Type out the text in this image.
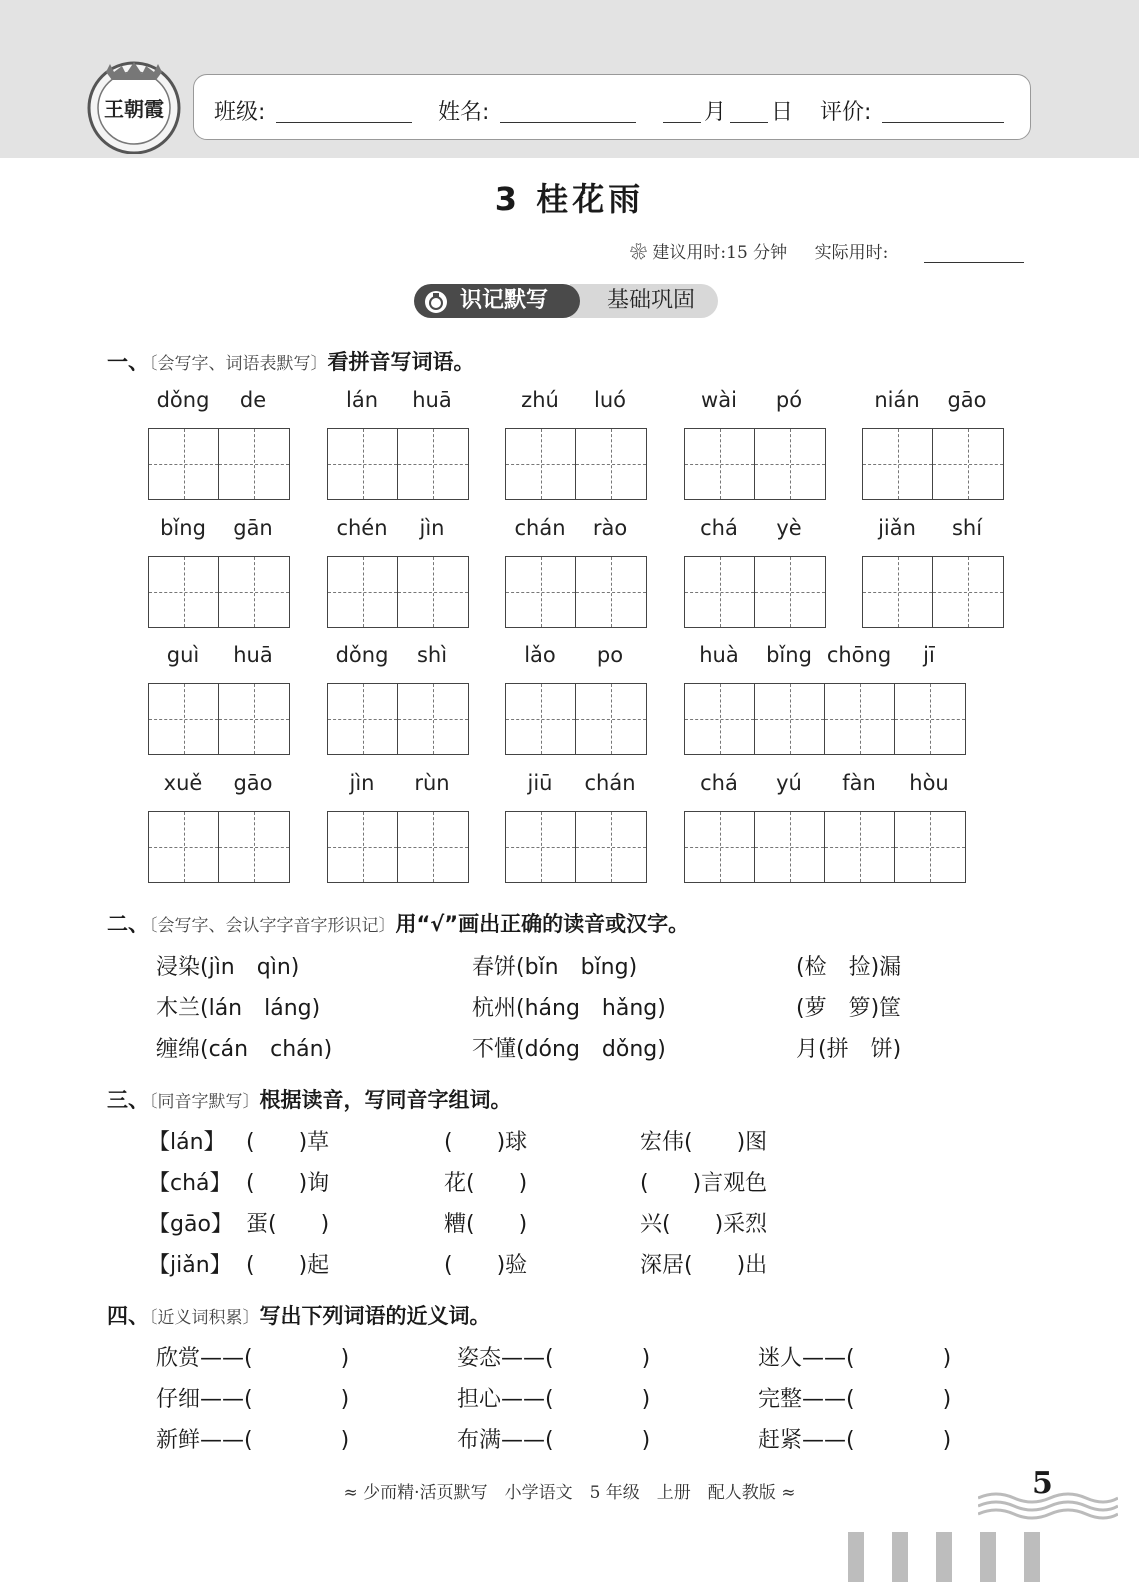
王朝霞 班级:	姓名:	月 日 评价:
3 桂花雨
❀ 建议用时:15 分钟 实际用时:
基础巩固
识记默写
一、〔会写字、词语表默写〕看拼音写词语。
dǒng	de	lán	huā	zhú	luó	wài	pó	nián	gāo
bǐng	gān	chén	jìn	chán	rào	chá	yè	jiǎn	shí
guì	huā	dǒng	shì	lǎo	po	huà	bǐng chōng	jī
xuě	gāo	jìn	rùn	jiū	chán	chá	yú	fàn	hòu
二、〔会写字、会认字字音字形识记〕用“√”画出正确的读音或汉字。
浸染(jìn　qìn)	春饼(bǐn　bǐng)	(检　捡)漏
木兰(lán　láng)	杭州(háng　hǎng)	(萝　箩)筐
缠绵(cán　chán)	不懂(dóng　dǒng)	月(拼　饼)
三、〔同音字默写〕根据读音，写同音字组词。
【lán】 (　　)草	(　　)球	宏伟(　　)图
【chá】 (　　)询	花(　　)	(　　)言观色
【gāo】 蛋(　　)	糟(　　)	兴(　　)采烈
【jiǎn】 (　　)起	(　　)验	深居(　　)出
四、〔近义词积累〕写出下列词语的近义词。
欣赏——(　　　　)	姿态——(　　　　)	迷人——(　　　　)
仔细——(　　　　)	担心——(　　　　)	完整——(　　　　)
新鲜——(　　　　)	布满——(　　　　)	赶紧——(　　　　)
≈ 少而精·活页默写　小学语文　5 年级　上册　配人教版 ≈	5
